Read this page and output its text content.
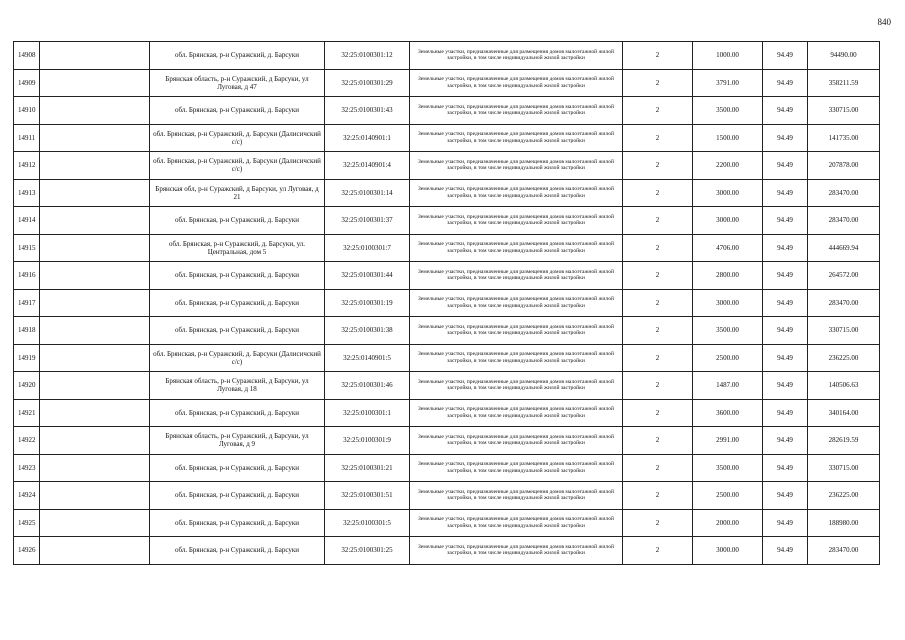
840
14908		обл. Брянская, р-н Суражский, д. Барсуки	32:25:0100301:12	Земельные участки, предназначенные для размещения домов малоэтажной жилой застройки, в том числе индивидуальной жилой застройки	2	1000.00	94.49	94490.00
14909		Брянская область, р-н Суражский, д Барсуки, ул Луговая, д 47	32:25:0100301:29	Земельные участки, предназначенные для размещения домов малоэтажной жилой застройки, в том числе индивидуальной жилой застройки	2	3791.00	94.49	358211.59
14910		обл. Брянская, р-н Суражский, д. Барсуки	32:25:0100301:43	Земельные участки, предназначенные для размещения домов малоэтажной жилой застройки, в том числе индивидуальной жилой застройки	2	3500.00	94.49	330715.00
14911		обл. Брянская, р-н Суражский, д. Барсуки (Далисичский с/с)	32:25:0140901:1	Земельные участки, предназначенные для размещения домов малоэтажной жилой застройки, в том числе индивидуальной жилой застройки	2	1500.00	94.49	141735.00
14912		обл. Брянская, р-н Суражский, д. Барсуки (Далисичский с/с)	32:25:0140901:4	Земельные участки, предназначенные для размещения домов малоэтажной жилой застройки, в том числе индивидуальной жилой застройки	2	2200.00	94.49	207878.00
14913		Брянская обл, р-н Суражский, д Барсуки, ул Луговая, д 21	32:25:0100301:14	Земельные участки, предназначенные для размещения домов малоэтажной жилой застройки, в том числе индивидуальной жилой застройки	2	3000.00	94.49	283470.00
14914		обл. Брянская, р-н Суражский, д. Барсуки	32:25:0100301:37	Земельные участки, предназначенные для размещения домов малоэтажной жилой застройки, в том числе индивидуальной жилой застройки	2	3000.00	94.49	283470.00
14915		обл. Брянская, р-н Суражский, д. Барсуки, ул. Центральная, дом 5	32:25:0100301:7	Земельные участки, предназначенные для размещения домов малоэтажной жилой застройки, в том числе индивидуальной жилой застройки	2	4706.00	94.49	444669.94
14916		обл. Брянская, р-н Суражский, д. Барсуки	32:25:0100301:44	Земельные участки, предназначенные для размещения домов малоэтажной жилой застройки, в том числе индивидуальной жилой застройки	2	2800.00	94.49	264572.00
14917		обл. Брянская, р-н Суражский, д. Барсуки	32:25:0100301:19	Земельные участки, предназначенные для размещения домов малоэтажной жилой застройки, в том числе индивидуальной жилой застройки	2	3000.00	94.49	283470.00
14918		обл. Брянская, р-н Суражский, д. Барсуки	32:25:0100301:38	Земельные участки, предназначенные для размещения домов малоэтажной жилой застройки, в том числе индивидуальной жилой застройки	2	3500.00	94.49	330715.00
14919		обл. Брянская, р-н Суражский, д. Барсуки (Далисичский с/с)	32:25:0140901:5	Земельные участки, предназначенные для размещения домов малоэтажной жилой застройки, в том числе индивидуальной жилой застройки	2	2500.00	94.49	236225.00
14920		Брянская область, р-н Суражский, д Барсуки, ул Луговая, д 18	32:25:0100301:46	Земельные участки, предназначенные для размещения домов малоэтажной жилой застройки, в том числе индивидуальной жилой застройки	2	1487.00	94.49	140506.63
14921		обл. Брянская, р-н Суражский, д. Барсуки	32:25:0100301:1	Земельные участки, предназначенные для размещения домов малоэтажной жилой застройки, в том числе индивидуальной жилой застройки	2	3600.00	94.49	340164.00
14922		Брянская область, р-н Суражский, д Барсуки, ул Луговая, д 9	32:25:0100301:9	Земельные участки, предназначенные для размещения домов малоэтажной жилой застройки, в том числе индивидуальной жилой застройки	2	2991.00	94.49	282619.59
14923		обл. Брянская, р-н Суражский, д. Барсуки	32:25:0100301:21	Земельные участки, предназначенные для размещения домов малоэтажной жилой застройки, в том числе индивидуальной жилой застройки	2	3500.00	94.49	330715.00
14924		обл. Брянская, р-н Суражский, д. Барсуки	32:25:0100301:51	Земельные участки, предназначенные для размещения домов малоэтажной жилой застройки, в том числе индивидуальной жилой застройки	2	2500.00	94.49	236225.00
14925		обл. Брянская, р-н Суражский, д. Барсуки	32:25:0100301:5	Земельные участки, предназначенные для размещения домов малоэтажной жилой застройки, в том числе индивидуальной жилой застройки	2	2000.00	94.49	188980.00
14926		обл. Брянская, р-н Суражский, д. Барсуки	32:25:0100301:25	Земельные участки, предназначенные для размещения домов малоэтажной жилой застройки, в том числе индивидуальной жилой застройки	2	3000.00	94.49	283470.00
